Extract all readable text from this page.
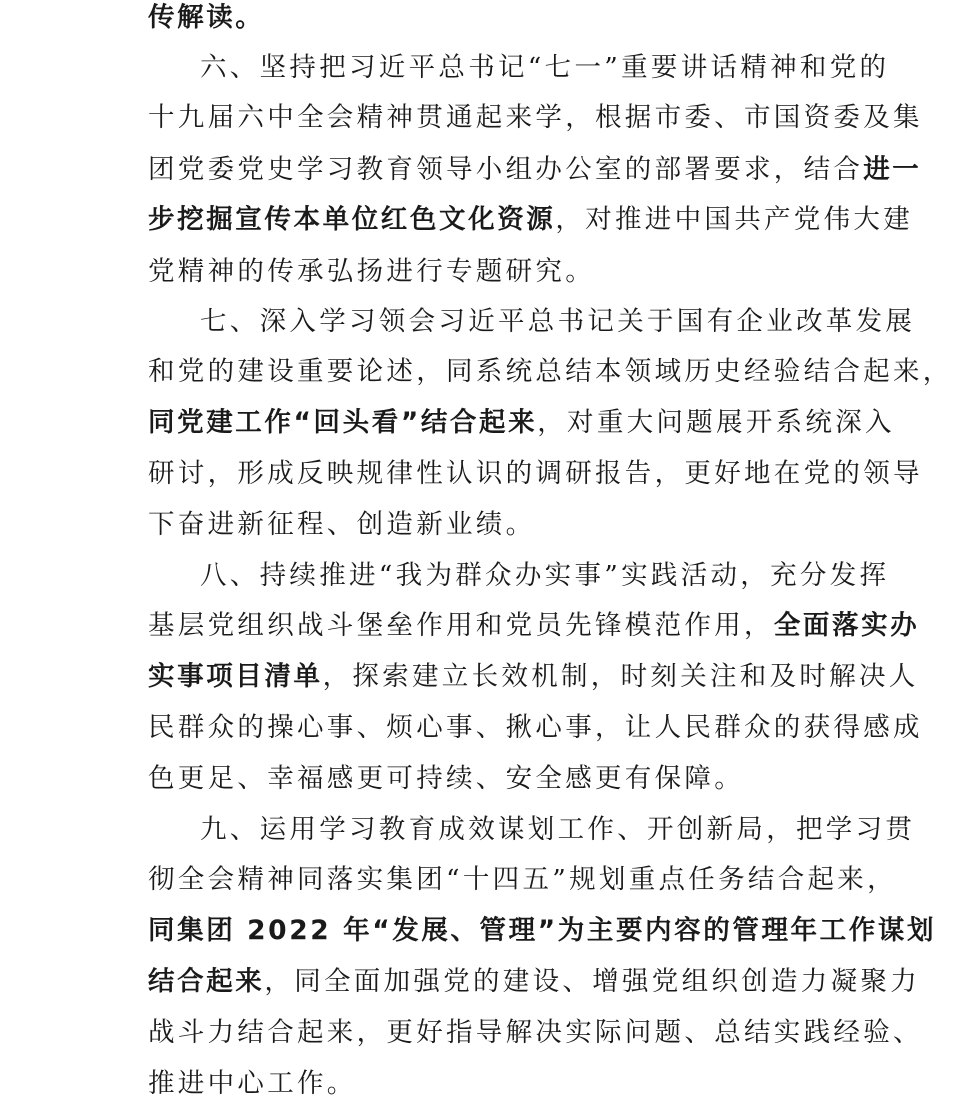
传解读。
六、坚持把习近平总书记“七一”重要讲话精神和党的
十九届六中全会精神贯通起来学，根据市委、市国资委及集
团党委党史学习教育领导小组办公室的部署要求，结合进一
步挖掘宣传本单位红色文化资源，对推进中国共产党伟大建
党精神的传承弘扬进行专题研究。
七、深入学习领会习近平总书记关于国有企业改革发展
和党的建设重要论述，同系统总结本领域历史经验结合起来，
同党建工作“回头看”结合起来，对重大问题展开系统深入
研讨，形成反映规律性认识的调研报告，更好地在党的领导
下奋进新征程、创造新业绩。
八、持续推进“我为群众办实事”实践活动，充分发挥
基层党组织战斗堡垒作用和党员先锋模范作用，全面落实办
实事项目清单，探索建立长效机制，时刻关注和及时解决人
民群众的操心事、烦心事、揪心事，让人民群众的获得感成
色更足、幸福感更可持续、安全感更有保障。
九、运用学习教育成效谋划工作、开创新局，把学习贯
彻全会精神同落实集团“十四五”规划重点任务结合起来，
同集团 2022 年“发展、管理”为主要内容的管理年工作谋划
结合起来，同全面加强党的建设、增强党组织创造力凝聚力
战斗力结合起来，更好指导解决实际问题、总结实践经验、
推进中心工作。
